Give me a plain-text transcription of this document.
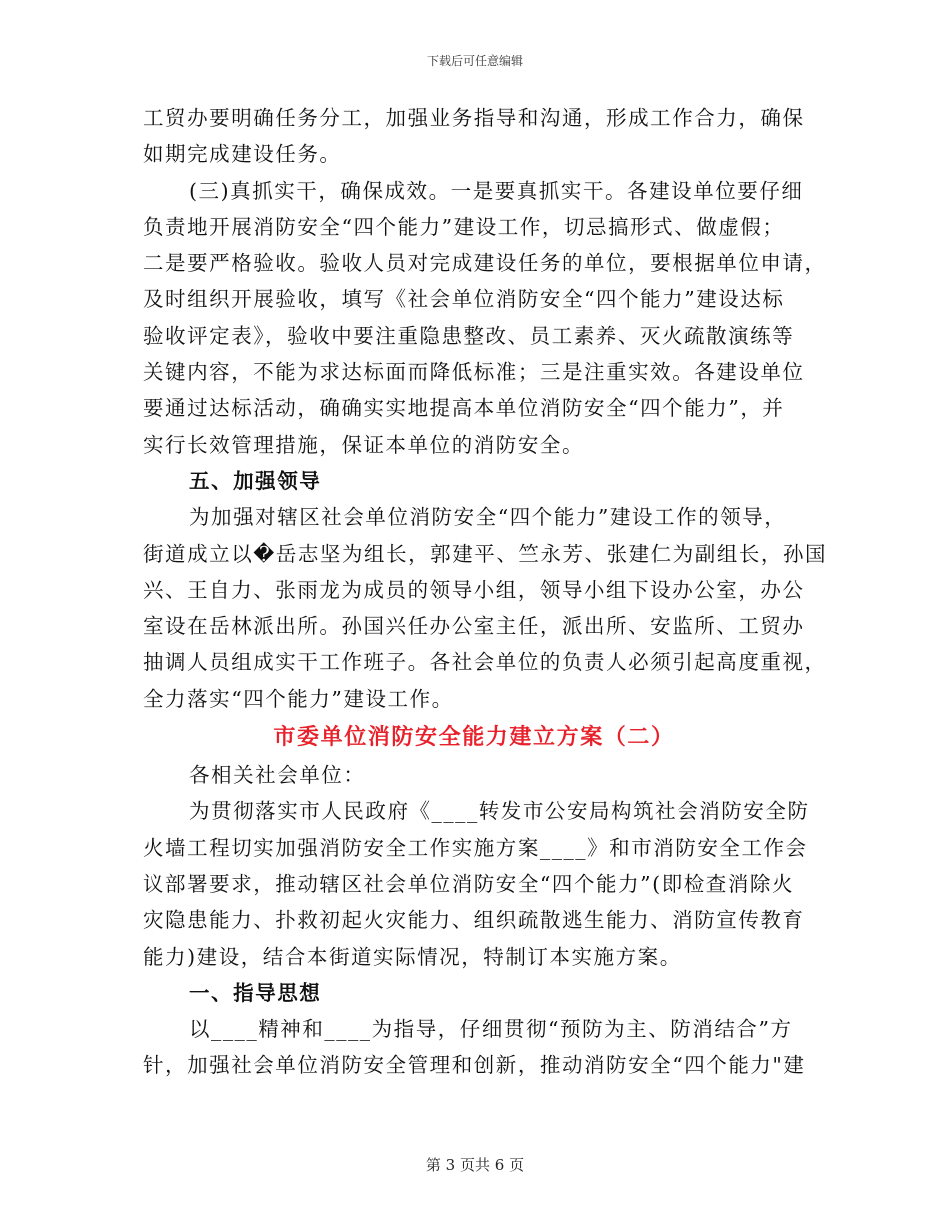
下载后可任意编辑
工贸办要明确任务分工，加强业务指导和沟通，形成工作合力，确保
如期完成建设任务。
(三)真抓实干，确保成效。一是要真抓实干。各建设单位要仔细
负责地开展消防安全“四个能力”建设工作，切忌搞形式、做虚假；
二是要严格验收。验收人员对完成建设任务的单位，要根据单位申请，
及时组织开展验收，填写《社会单位消防安全“四个能力”建设达标
验收评定表》，验收中要注重隐患整改、员工素养、灭火疏散演练等
关键内容，不能为求达标面而降低标准；三是注重实效。各建设单位
要通过达标活动，确确实实地提高本单位消防安全“四个能力”，并
实行长效管理措施，保证本单位的消防安全。
五、加强领导
为加强对辖区社会单位消防安全“四个能力”建设工作的领导，
街道成立以�岳志坚为组长，郭建平、竺永芳、张建仁为副组长，孙国
兴、王自力、张雨龙为成员的领导小组，领导小组下设办公室，办公
室设在岳林派出所。孙国兴任办公室主任，派出所、安监所、工贸办
抽调人员组成实干工作班子。各社会单位的负责人必须引起高度重视，
全力落实“四个能力”建设工作。
市委单位消防安全能力建立方案（二）
各相关社会单位：
为贯彻落实市人民政府《____转发市公安局构筑社会消防安全防
火墙工程切实加强消防安全工作实施方案____》和市消防安全工作会
议部署要求，推动辖区社会单位消防安全“四个能力”(即检查消除火
灾隐患能力、扑救初起火灾能力、组织疏散逃生能力、消防宣传教育
能力)建设，结合本街道实际情况，特制订本实施方案。
一、指导思想
以____精神和____为指导，仔细贯彻“预防为主、防消结合”方
针，加强社会单位消防安全管理和创新，推动消防安全“四个能力"建
第 3 页共 6 页
